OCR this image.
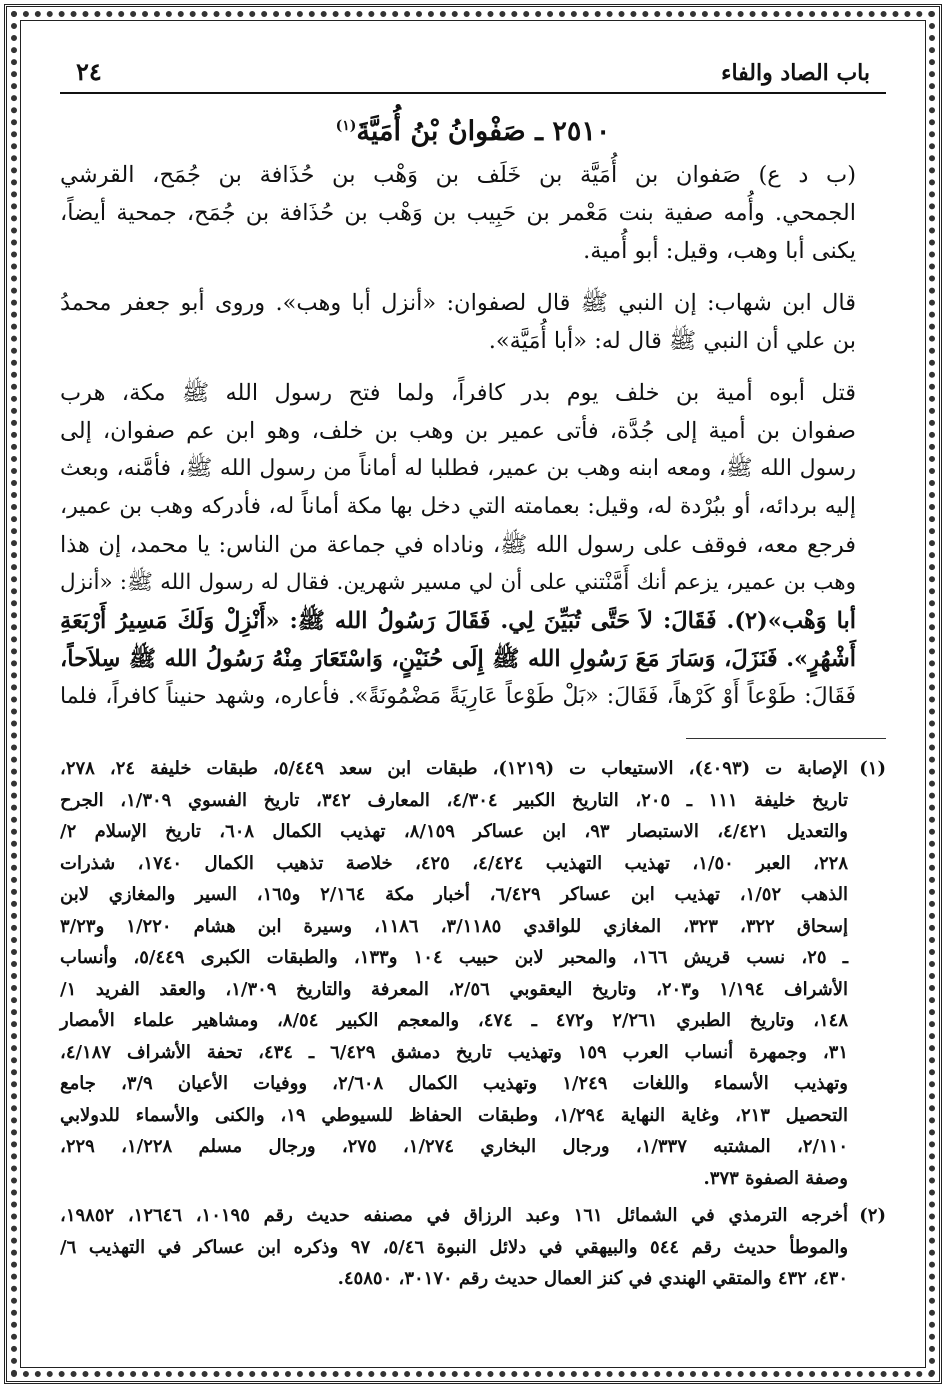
باب الصاد والفاء
٢٤
٢٥١٠ ـ صَفْوانُ بْنُ أُمَيَّةَ$^{(١)}$

(ب د ع) صَفوان بن أُمَيَّة بن خَلَف بن وَهْب بن حُذَافة بن جُمَح، القرشي
الجمحي. وأُمه صفية بنت مَعْمر بن حَبِيب بن وَهْب بن حُذَافة بن جُمَح، جمحية أيضاً،
يكنى أبا وهب، وقيل: أبو أُمية.

قال ابن شهاب: إن النبي ﷺ قال لصفوان: «أنزل أبا وهب». وروى أبو جعفر محمدُ
بن علي أن النبي ﷺ قال له: «أبا أُمَيَّة».

قتل أبوه أمية بن خلف يوم بدر كافراً، ولما فتح رسول الله ﷺ مكة، هرب
صفوان بن أمية إلى جُدَّة، فأتى عمير بن وهب بن خلف، وهو ابن عم صفوان، إلى
رسول الله ﷺ، ومعه ابنه وهب بن عمير، فطلبا له أماناً من رسول الله ﷺ، فأمَّنه، وبعث
إليه بردائه، أو ببُرْدة له، وقيل: بعمامته التي دخل بها مكة أماناً له، فأدركه وهب بن عمير،
فرجع معه، فوقف على رسول الله ﷺ، وناداه في جماعة من الناس: يا محمد، إن هذا
وهب بن عمير، يزعم أنك أَمَّنْتني على أن لي مسير شهرين. فقال له رسول الله ﷺ: «أنزل
أبا وَهْب»(٢). فَقَالَ: لاَ حَتَّى تُبَيِّنَ لِي. فَقَالَ رَسُولُ الله ﷺ: «أَنْزِلْ وَلَكَ مَسِيرُ أَرْبَعَةِ
أَشْهُرٍ». فَنَزَلَ، وَسَارَ مَعَ رَسُولِ الله ﷺ إِلَى حُنَيْنٍ، وَاسْتَعَارَ مِنْهُ رَسُولُ الله ﷺ سِلاَحاً،
فَقَالَ: طَوْعاً أَوْ كَرْهاً، فَقَالَ: «بَلْ طَوْعاً عَارِيَةً مَضْمُونَةً». فأعاره، وشهد حنيناً كافراً، فلما

(١)
الإصابة ت (٤٠٩٣)، الاستيعاب ت (١٢١٩)، طبقات ابن سعد ٥/٤٤٩، طبقات خليفة ٢٤، ٢٧٨،
تاريخ خليفة ١١١ ـ ٢٠٥، التاريخ الكبير ٤/٣٠٤، المعارف ٣٤٢، تاريخ الفسوي ١/٣٠٩، الجرح
والتعديل ٤/٤٢١، الاستبصار ٩٣، ابن عساكر ٨/١٥٩، تهذيب الكمال ٦٠٨، تاريخ الإسلام ٢/
٢٢٨، العبر ١/٥٠، تهذيب التهذيب ٤/٤٢٤، ٤٢٥، خلاصة تذهيب الكمال ١٧٤٠، شذرات
الذهب ١/٥٢، تهذيب ابن عساكر ٦/٤٢٩، أخبار مكة ٢/١٦٤ و١٦٥، السير والمغازي لابن
إسحاق ٣٢٢، ٣٢٣، المغازي للواقدي ٣/١١٨٥، ١١٨٦، وسيرة ابن هشام ١/٢٢٠ و٣/٢٣
ـ ٢٥، نسب قريش ١٦٦، والمحبر لابن حبيب ١٠٤ و١٣٣، والطبقات الكبرى ٥/٤٤٩، وأنساب
الأشراف ١/١٩٤ و٢٠٣، وتاريخ اليعقوبي ٢/٥٦، المعرفة والتاريخ ١/٣٠٩، والعقد الفريد ١/
١٤٨، وتاريخ الطبري ٢/٢٦١ و٤٧٢ ـ ٤٧٤، والمعجم الكبير ٨/٥٤، ومشاهير علماء الأمصار
٣١، وجمهرة أنساب العرب ١٥٩ وتهذيب تاريخ دمشق ٦/٤٢٩ ـ ٤٣٤، تحفة الأشراف ٤/١٨٧،
وتهذيب الأسماء واللغات ١/٢٤٩ وتهذيب الكمال ٢/٦٠٨، ووفيات الأعيان ٣/٩، جامع
التحصيل ٢١٣، وغاية النهاية ١/٢٩٤، وطبقات الحفاظ للسيوطي ١٩، والكنى والأسماء للدولابي
٢/١١٠، المشتبه ١/٣٣٧، ورجال البخاري ١/٢٧٤، ٢٧٥، ورجال مسلم ١/٢٢٨، ٢٢٩،
وصفة الصفوة ٣٧٣.
(٢)
أخرجه الترمذي في الشمائل ١٦١ وعبد الرزاق في مصنفه حديث رقم ١٠١٩٥، ١٢٦٤٦، ١٩٨٥٢،
والموطأ حديث رقم ٥٤٤ والبيهقي في دلائل النبوة ٥/٤٦، ٩٧ وذكره ابن عساكر في التهذيب ٦/
٤٣٠، ٤٣٢ والمتقي الهندي في كنز العمال حديث رقم ٣٠١٧٠، ٤٥٨٥٠.
